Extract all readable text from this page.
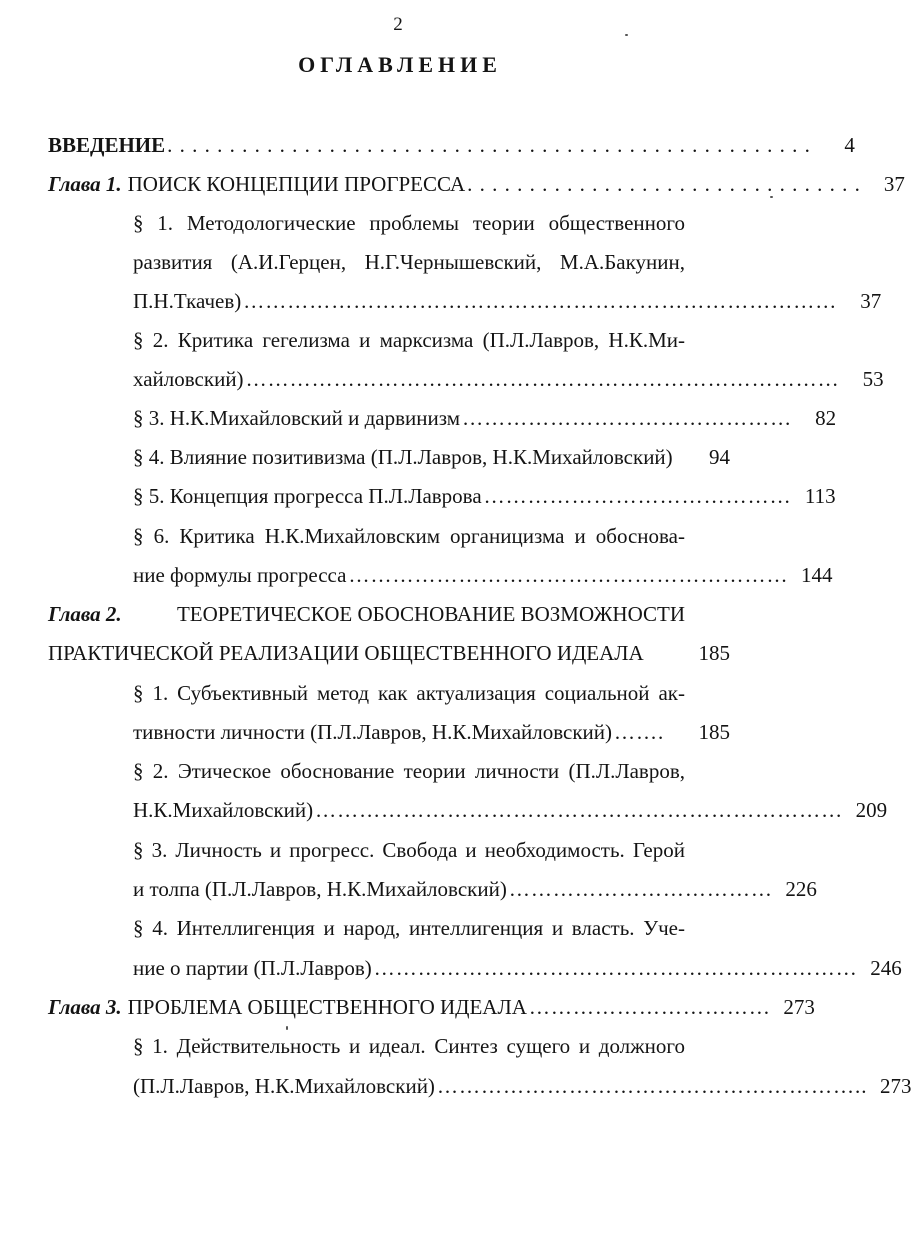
2
ОГЛАВЛЕНИЕ
ВВЕДЕНИЕ . . . . . . . . . . . . . . . . . . . . . . . . . . . . . . . . . . . . . . . . . . . . . . . . . . . .	4
Глава 1. ПОИСК КОНЦЕПЦИИ ПРОГРЕССА . . . . . . . . . . . . . . . . . . . . . . . . . . . . . . . .	37
§ 1. Методологические проблемы теории общественного
развития (А.И.Герцен, Н.Г.Чернышевский, М.А.Бакунин,
П.Н.Ткачев) ………………………………………………………………………	37
§ 2. Критика гегелизма и марксизма (П.Л.Лавров, Н.К.Ми-
хайловский) ………………………………………………………………………	53
§ 3. Н.К.Михайловский и дарвинизм ………………………………………	82
§ 4. Влияние позитивизма (П.Л.Лавров, Н.К.Михайловский)	94
§ 5. Концепция прогресса П.Л.Лаврова …………………………………… 113
§ 6. Критика Н.К.Михайловским органицизма и обоснова-
ние формулы прогресса …………………………………………………… 144
Глава 2.	ТЕОРЕТИЧЕСКОЕ ОБОСНОВАНИЕ ВОЗМОЖНОСТИ
ПРАКТИЧЕСКОЙ РЕАЛИЗАЦИИ ОБЩЕСТВЕННОГО ИДЕАЛА	185
§ 1. Субъективный метод как актуализация социальной ак-
тивности личности (П.Л.Лавров, Н.К.Михайловский) …….	185
§ 2. Этическое обоснование теории личности (П.Л.Лавров,
Н.К.Михайловский) ……………………………………………………………… 209
§ 3. Личность и прогресс. Свобода и необходимость. Герой
и толпа (П.Л.Лавров, Н.К.Михайловский) ……………………………… 226
§ 4. Интеллигенция и народ, интеллигенция и власть. Уче-
ние о партии (П.Л.Лавров) ………………………………………………………… 246
Глава 3. ПРОБЛЕМА ОБЩЕСТВЕННОГО ИДЕАЛА …………………………… 273
§ 1. Действительность и идеал. Синтез сущего и должного
(П.Л.Лавров, Н.К.Михайловский) ………………………………………………….. 273
